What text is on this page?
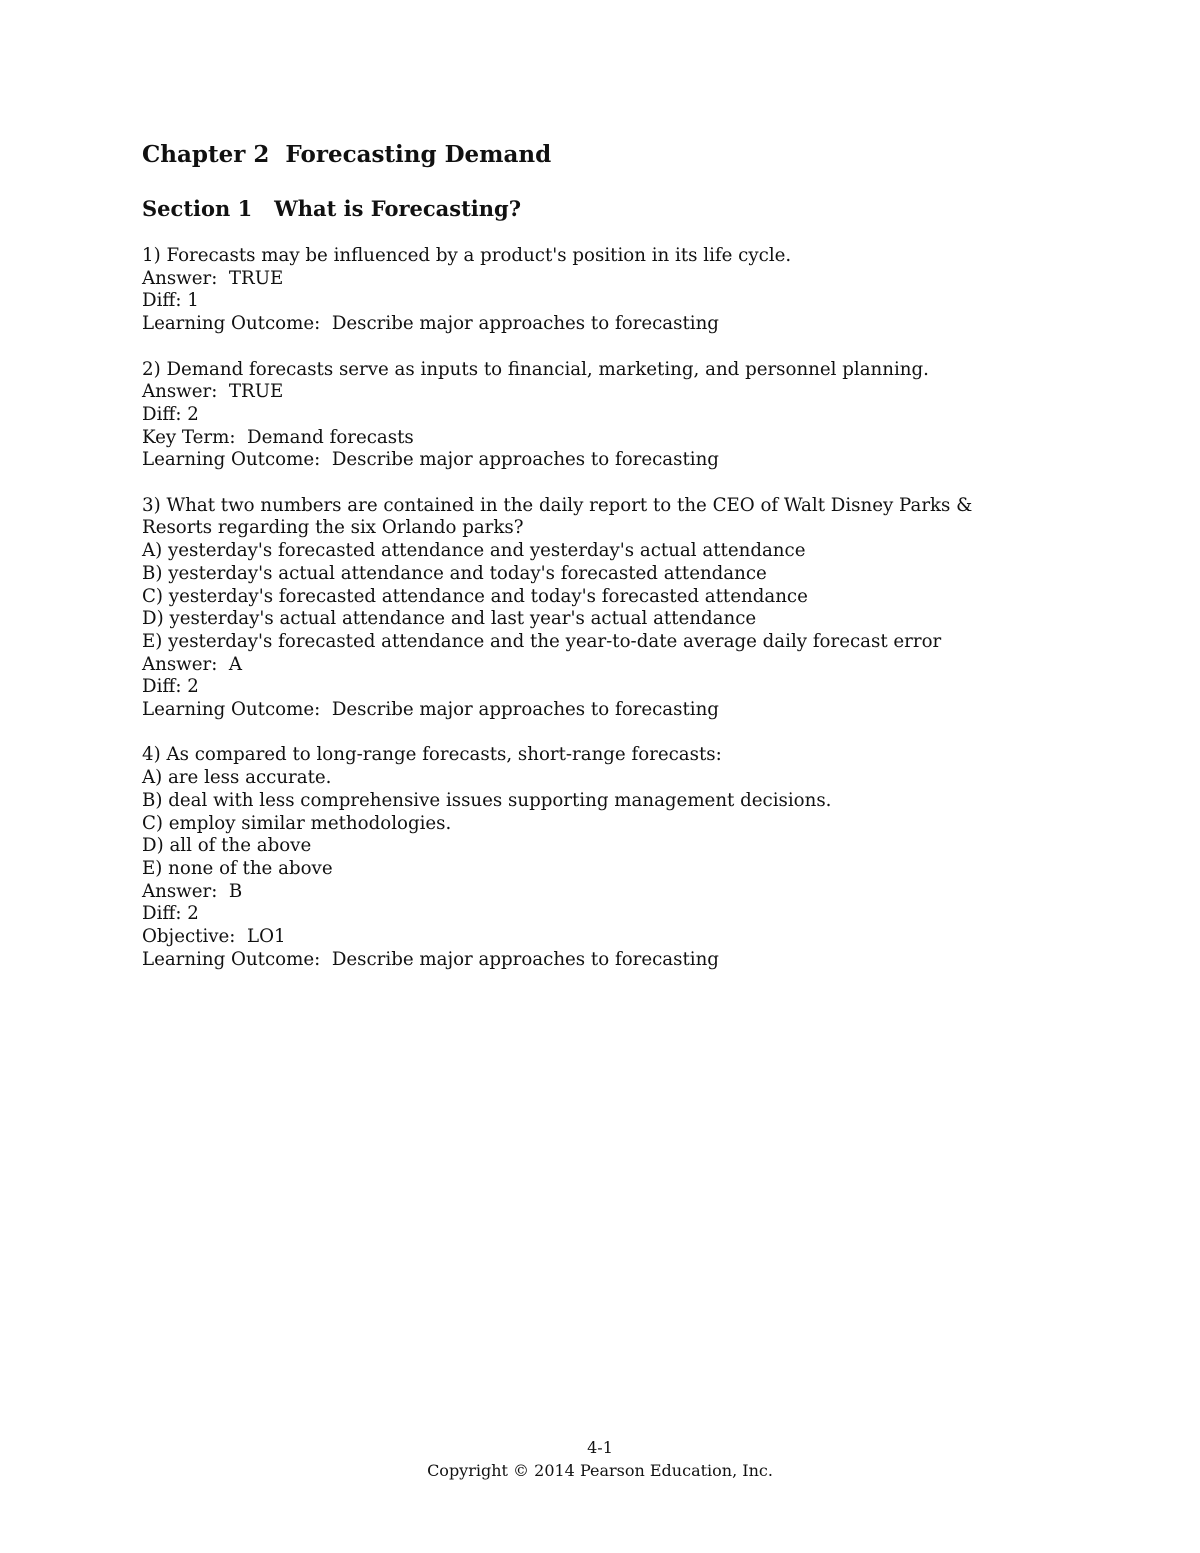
Chapter 2  Forecasting Demand
Section 1   What is Forecasting?
1) Forecasts may be influenced by a product's position in its life cycle.
Answer:  TRUE
Diff: 1
Learning Outcome:  Describe major approaches to forecasting
2) Demand forecasts serve as inputs to financial, marketing, and personnel planning.
Answer:  TRUE
Diff: 2
Key Term:  Demand forecasts
Learning Outcome:  Describe major approaches to forecasting
3) What two numbers are contained in the daily report to the CEO of Walt Disney Parks &
Resorts regarding the six Orlando parks?
A) yesterday's forecasted attendance and yesterday's actual attendance
B) yesterday's actual attendance and today's forecasted attendance
C) yesterday's forecasted attendance and today's forecasted attendance
D) yesterday's actual attendance and last year's actual attendance
E) yesterday's forecasted attendance and the year-to-date average daily forecast error
Answer:  A
Diff: 2
Learning Outcome:  Describe major approaches to forecasting
4) As compared to long-range forecasts, short-range forecasts:
A) are less accurate.
B) deal with less comprehensive issues supporting management decisions.
C) employ similar methodologies.
D) all of the above
E) none of the above
Answer:  B
Diff: 2
Objective:  LO1
Learning Outcome:  Describe major approaches to forecasting
4-1
Copyright © 2014 Pearson Education, Inc.
